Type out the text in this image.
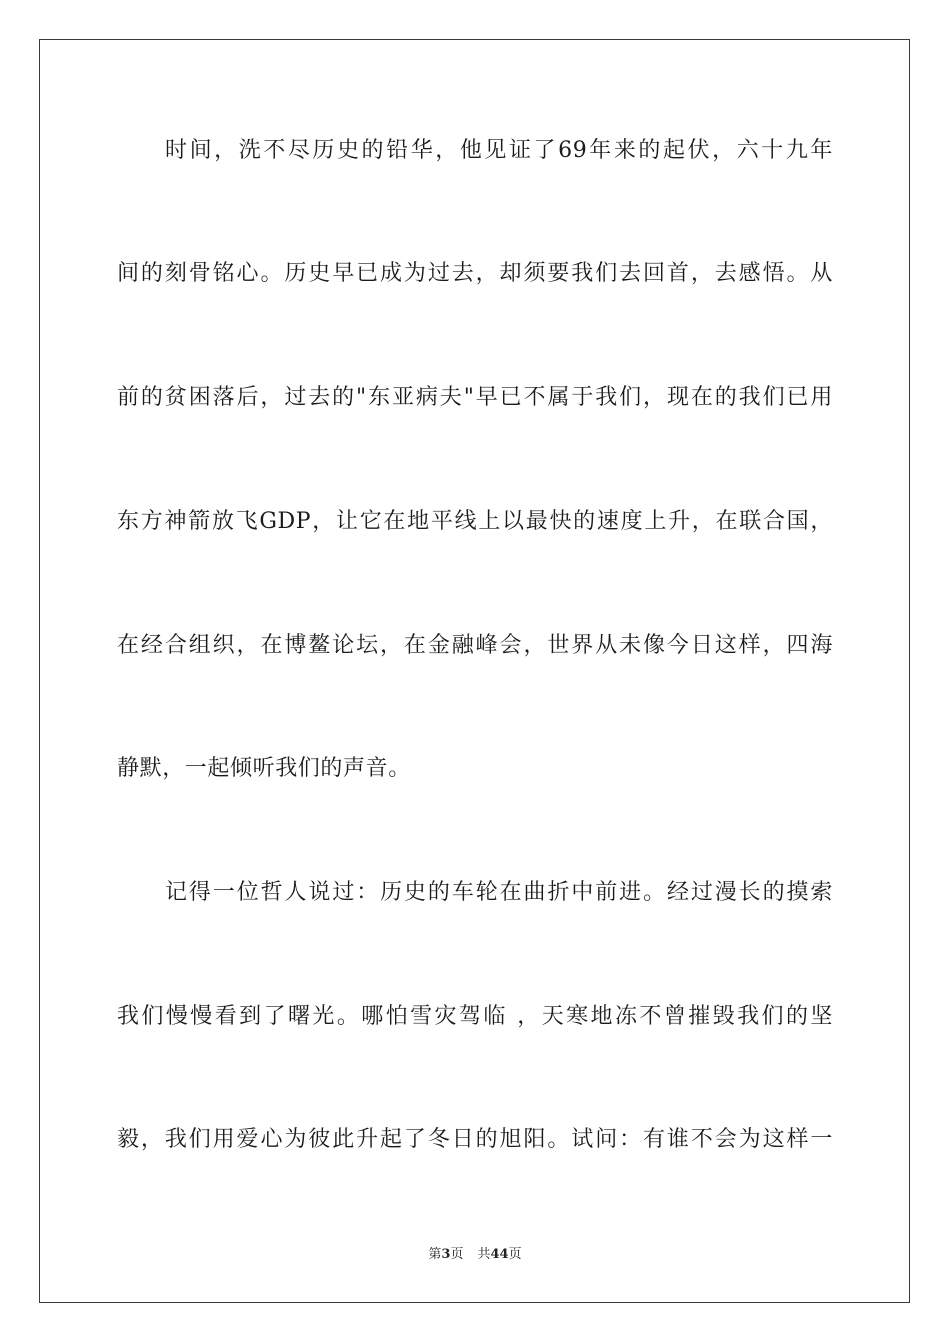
时间，洗不尽历史的铅华，他见证了69年来的起伏，六十九年
间的刻骨铭心。历史早已成为过去，却须要我们去回首，去感悟。从
前的贫困落后，过去的"东亚病夫"早已不属于我们，现在的我们已用
东方神箭放飞GDP，让它在地平线上以最快的速度上升，在联合国，
在经合组织，在博鳌论坛，在金融峰会，世界从未像今日这样，四海
静默，一起倾听我们的声音。
记得一位哲人说过：历史的车轮在曲折中前进。经过漫长的摸索
我们慢慢看到了曙光。哪怕雪灾驾临 ，天寒地冻不曾摧毁我们的坚
毅，我们用爱心为彼此升起了冬日的旭阳。试问：有谁不会为这样一
第3页 共44页
